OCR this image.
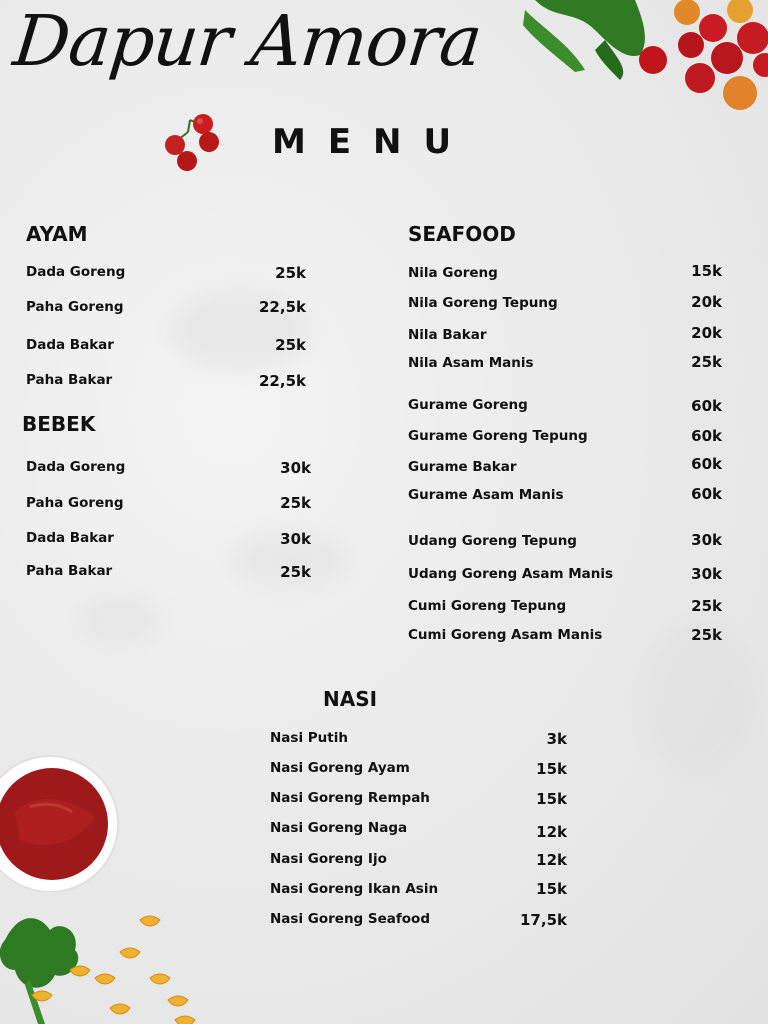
Dapur Amora
MENU
AYAM
Dada Goreng	25k
Paha Goreng	22,5k
Dada Bakar	25k
Paha Bakar	22,5k
BEBEK
Dada Goreng	30k
Paha Goreng	25k
Dada Bakar	30k
Paha Bakar	25k
SEAFOOD
Nila Goreng	15k
Nila Goreng Tepung	20k
Nila Bakar	20k
Nila Asam Manis	25k
Gurame Goreng	60k
Gurame Goreng Tepung	60k
Gurame Bakar	60k
Gurame Asam Manis	60k
Udang Goreng Tepung	30k
Udang Goreng Asam Manis	30k
Cumi Goreng Tepung	25k
Cumi Goreng Asam Manis	25k
NASI
Nasi Putih	3k
Nasi Goreng Ayam	15k
Nasi Goreng Rempah	15k
Nasi Goreng Naga	12k
Nasi Goreng Ijo	12k
Nasi Goreng Ikan Asin	15k
Nasi Goreng Seafood	17,5k
